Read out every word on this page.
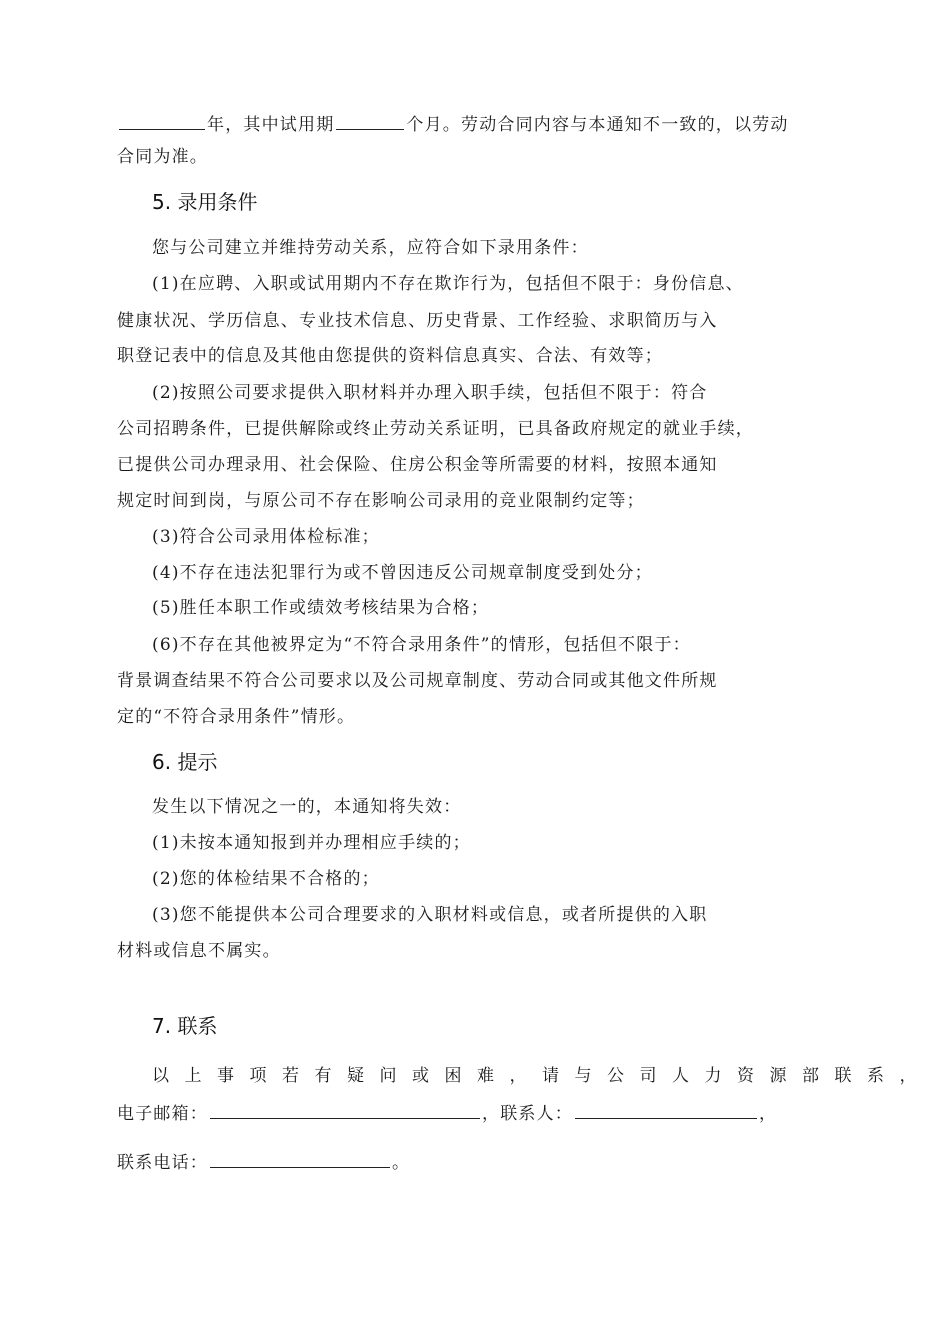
年，其中试用期	个月。劳动合同内容与本通知不一致的，以劳动
合同为准。
5. 录用条件
您与公司建立并维持劳动关系，应符合如下录用条件：
(1)在应聘、入职或试用期内不存在欺诈行为，包括但不限于：身份信息、
健康状况、学历信息、专业技术信息、历史背景、工作经验、求职简历与入
职登记表中的信息及其他由您提供的资料信息真实、合法、有效等；
(2)按照公司要求提供入职材料并办理入职手续，包括但不限于：符合
公司招聘条件，已提供解除或终止劳动关系证明，已具备政府规定的就业手续，
已提供公司办理录用、社会保险、住房公积金等所需要的材料，按照本通知
规定时间到岗，与原公司不存在影响公司录用的竞业限制约定等；
(3)符合公司录用体检标准；
(4)不存在违法犯罪行为或不曾因违反公司规章制度受到处分；
(5)胜任本职工作或绩效考核结果为合格；
(6)不存在其他被界定为“不符合录用条件”的情形，包括但不限于：
背景调查结果不符合公司要求以及公司规章制度、劳动合同或其他文件所规
定的“不符合录用条件”情形。
6. 提示
发生以下情况之一的，本通知将失效：
(1)未按本通知报到并办理相应手续的；
(2)您的体检结果不合格的；
(3)您不能提供本公司合理要求的入职材料或信息，或者所提供的入职
材料或信息不属实。
7. 联系
以上事项若有疑问或困难，请与公司人力资源部联系，
电子邮箱：	，联系人：	，
联系电话：	。
